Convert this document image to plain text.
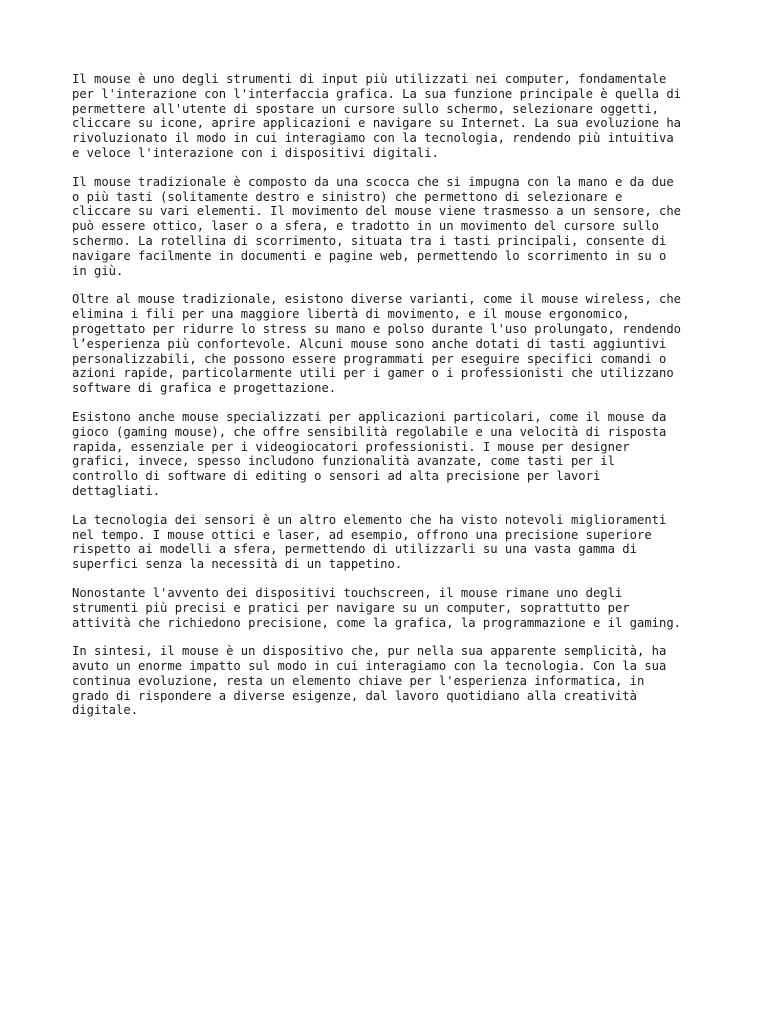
Il mouse è uno degli strumenti di input più utilizzati nei computer, fondamentale
per l'interazione con l'interfaccia grafica. La sua funzione principale è quella di
permettere all'utente di spostare un cursore sullo schermo, selezionare oggetti,
cliccare su icone, aprire applicazioni e navigare su Internet. La sua evoluzione ha
rivoluzionato il modo in cui interagiamo con la tecnologia, rendendo più intuitiva
e veloce l'interazione con i dispositivi digitali.

Il mouse tradizionale è composto da una scocca che si impugna con la mano e da due
o più tasti (solitamente destro e sinistro) che permettono di selezionare e
cliccare su vari elementi. Il movimento del mouse viene trasmesso a un sensore, che
può essere ottico, laser o a sfera, e tradotto in un movimento del cursore sullo
schermo. La rotellina di scorrimento, situata tra i tasti principali, consente di
navigare facilmente in documenti e pagine web, permettendo lo scorrimento in su o
in giù.

Oltre al mouse tradizionale, esistono diverse varianti, come il mouse wireless, che
elimina i fili per una maggiore libertà di movimento, e il mouse ergonomico,
progettato per ridurre lo stress su mano e polso durante l'uso prolungato, rendendo
l’esperienza più confortevole. Alcuni mouse sono anche dotati di tasti aggiuntivi
personalizzabili, che possono essere programmati per eseguire specifici comandi o
azioni rapide, particolarmente utili per i gamer o i professionisti che utilizzano
software di grafica e progettazione.

Esistono anche mouse specializzati per applicazioni particolari, come il mouse da
gioco (gaming mouse), che offre sensibilità regolabile e una velocità di risposta
rapida, essenziale per i videogiocatori professionisti. I mouse per designer
grafici, invece, spesso includono funzionalità avanzate, come tasti per il
controllo di software di editing o sensori ad alta precisione per lavori
dettagliati.

La tecnologia dei sensori è un altro elemento che ha visto notevoli miglioramenti
nel tempo. I mouse ottici e laser, ad esempio, offrono una precisione superiore
rispetto ai modelli a sfera, permettendo di utilizzarli su una vasta gamma di
superfici senza la necessità di un tappetino.

Nonostante l'avvento dei dispositivi touchscreen, il mouse rimane uno degli
strumenti più precisi e pratici per navigare su un computer, soprattutto per
attività che richiedono precisione, come la grafica, la programmazione e il gaming.

In sintesi, il mouse è un dispositivo che, pur nella sua apparente semplicità, ha
avuto un enorme impatto sul modo in cui interagiamo con la tecnologia. Con la sua
continua evoluzione, resta un elemento chiave per l'esperienza informatica, in
grado di rispondere a diverse esigenze, dal lavoro quotidiano alla creatività
digitale.
